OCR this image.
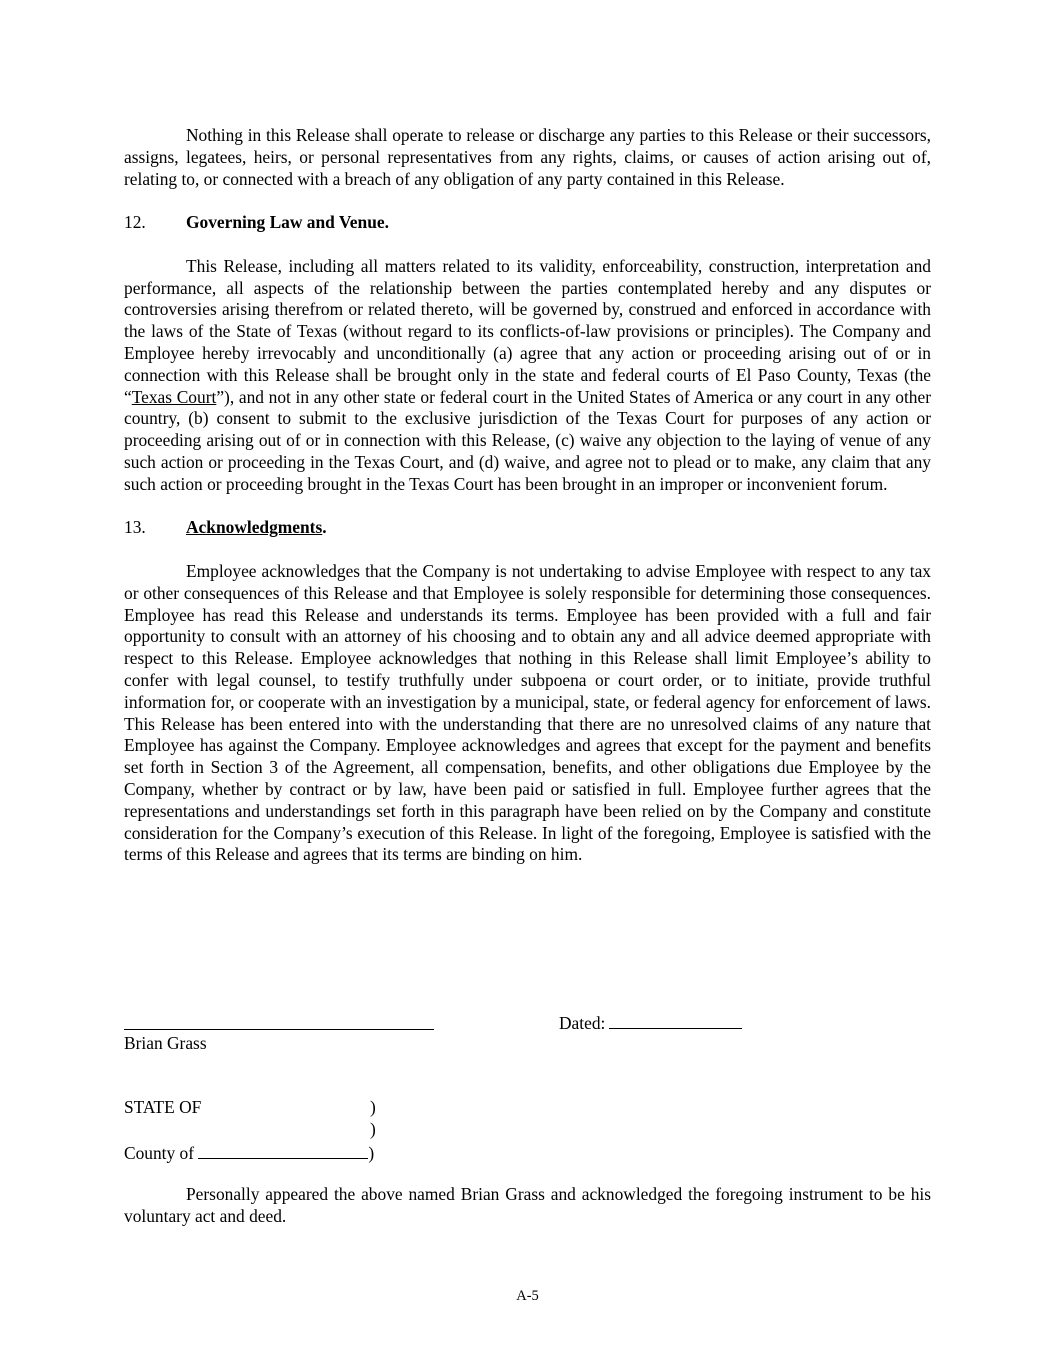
Nothing in this Release shall operate to release or discharge any parties to this Release or their successors, assigns, legatees, heirs, or personal representatives from any rights, claims, or causes of action arising out of, relating to, or connected with a breach of any obligation of any party contained in this Release.

12.	Governing Law and Venue.

This Release, including all matters related to its validity, enforceability, construction, interpretation and performance, all aspects of the relationship between the parties contemplated hereby and any disputes or controversies arising therefrom or related thereto, will be governed by, construed and enforced in accordance with the laws of the State of Texas (without regard to its conflicts-of-law provisions or principles). The Company and Employee hereby irrevocably and unconditionally (a) agree that any action or proceeding arising out of or in connection with this Release shall be brought only in the state and federal courts of El Paso County, Texas (the “Texas Court”), and not in any other state or federal court in the United States of America or any court in any other country, (b) consent to submit to the exclusive jurisdiction of the Texas Court for purposes of any action or proceeding arising out of or in connection with this Release, (c) waive any objection to the laying of venue of any such action or proceeding in the Texas Court, and (d) waive, and agree not to plead or to make, any claim that any such action or proceeding brought in the Texas Court has been brought in an improper or inconvenient forum.

13.	Acknowledgments.

Employee acknowledges that the Company is not undertaking to advise Employee with respect to any tax or other consequences of this Release and that Employee is solely responsible for determining those consequences. Employee has read this Release and understands its terms. Employee has been provided with a full and fair opportunity to consult with an attorney of his choosing and to obtain any and all advice deemed appropriate with respect to this Release. Employee acknowledges that nothing in this Release shall limit Employee’s ability to confer with legal counsel, to testify truthfully under subpoena or court order, or to initiate, provide truthful information for, or cooperate with an investigation by a municipal, state, or federal agency for enforcement of laws. This Release has been entered into with the understanding that there are no unresolved claims of any nature that Employee has against the Company. Employee acknowledges and agrees that except for the payment and benefits set forth in Section 3 of the Agreement, all compensation, benefits, and other obligations due Employee by the Company, whether by contract or by law, have been paid or satisfied in full. Employee further agrees that the representations and understandings set forth in this paragraph have been relied on by the Company and constitute consideration for the Company’s execution of this Release. In light of the foregoing, Employee is satisfied with the terms of this Release and agrees that its terms are binding on him.

Dated:
Brian Grass
STATE OF	)
)
County of	)

Personally appeared the above named Brian Grass and acknowledged the foregoing instrument to be his voluntary act and deed.

A-5
